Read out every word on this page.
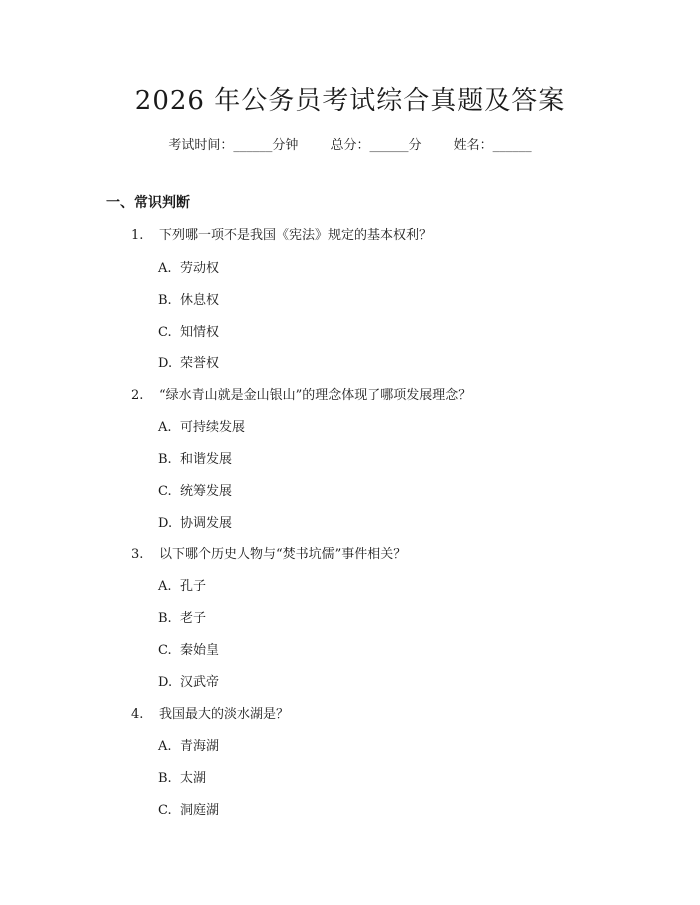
2026 年公务员考试综合真题及答案
考试时间：______分钟 总分：______分 姓名：______
一、常识判断
1. 下列哪一项不是我国《宪法》规定的基本权利？
A. 劳动权
B. 休息权
C. 知情权
D. 荣誉权
2. “绿水青山就是金山银山”的理念体现了哪项发展理念？
A. 可持续发展
B. 和谐发展
C. 统筹发展
D. 协调发展
3. 以下哪个历史人物与“焚书坑儒”事件相关？
A. 孔子
B. 老子
C. 秦始皇
D. 汉武帝
4. 我国最大的淡水湖是？
A. 青海湖
B. 太湖
C. 洞庭湖
